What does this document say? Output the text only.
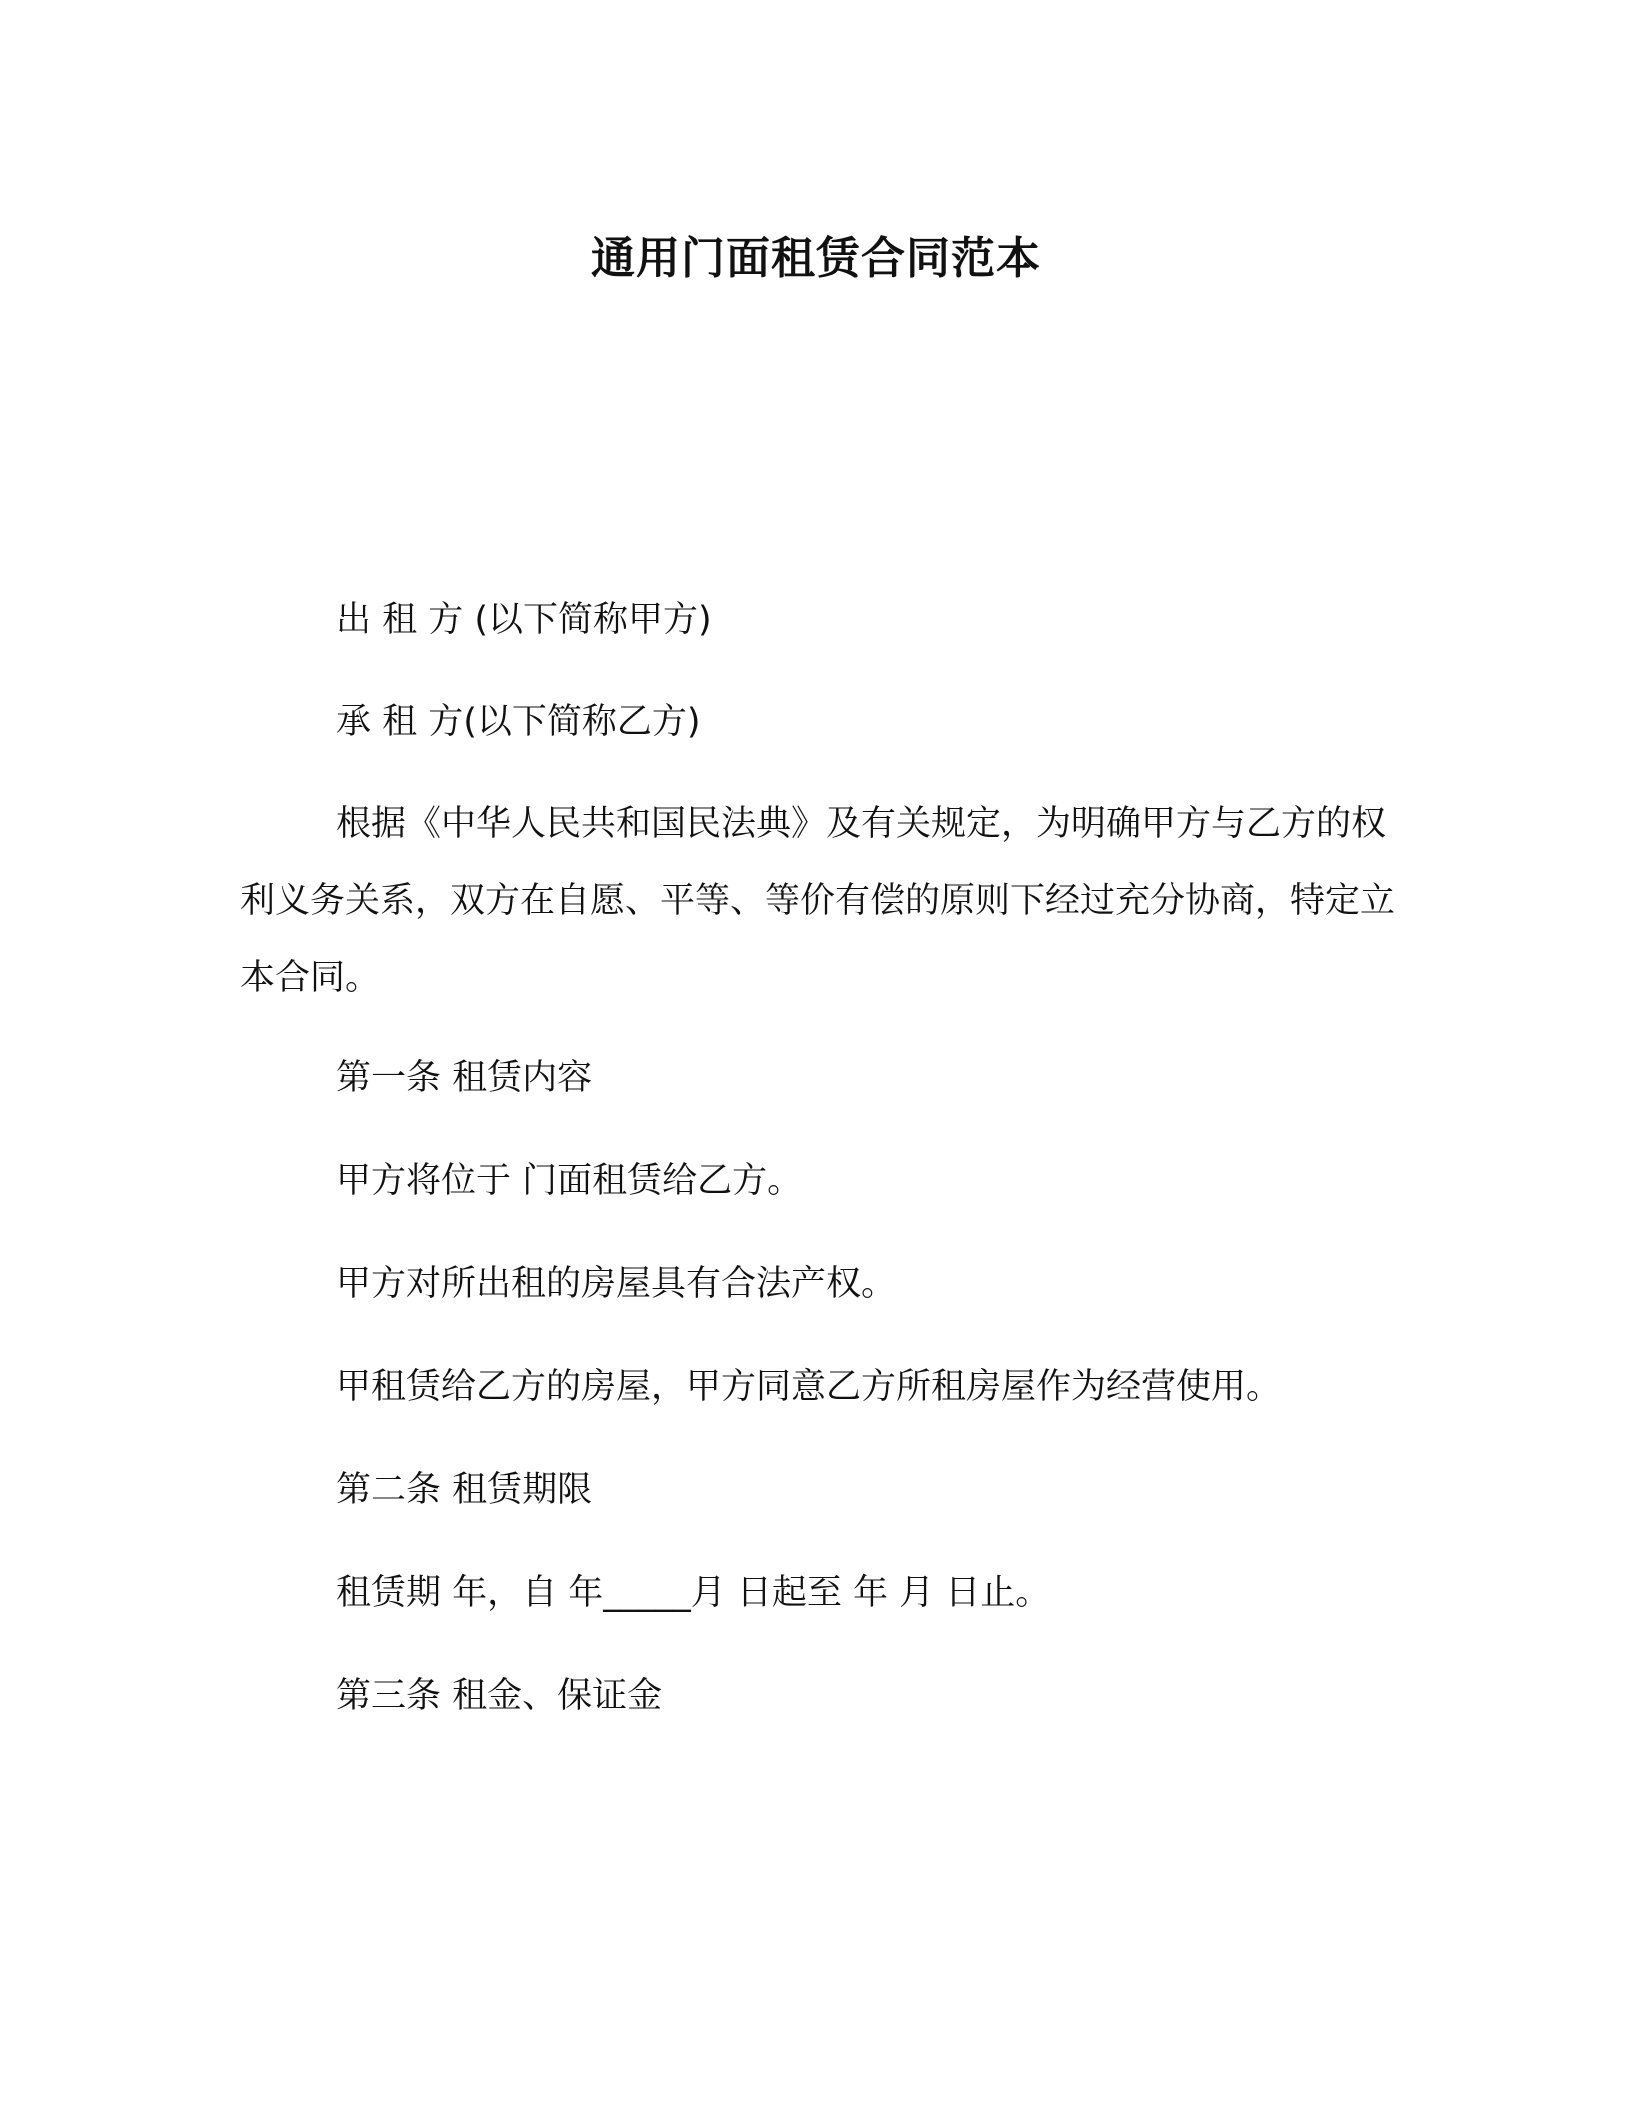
通用门面租赁合同范本

出 租 方 (以下简称甲方)

承 租 方(以下简称乙方)

根据《中华人民共和国民法典》及有关规定，为明确甲方与乙方的权利义务关系，双方在自愿、平等、等价有偿的原则下经过充分协商，特定立本合同。

第一条 租赁内容

甲方将位于 门面租赁给乙方。

甲方对所出租的房屋具有合法产权。

甲租赁给乙方的房屋，甲方同意乙方所租房屋作为经营使用。

第二条 租赁期限

租赁期 年，自 年_____月 日起至 年 月 日止。

第三条 租金、保证金
